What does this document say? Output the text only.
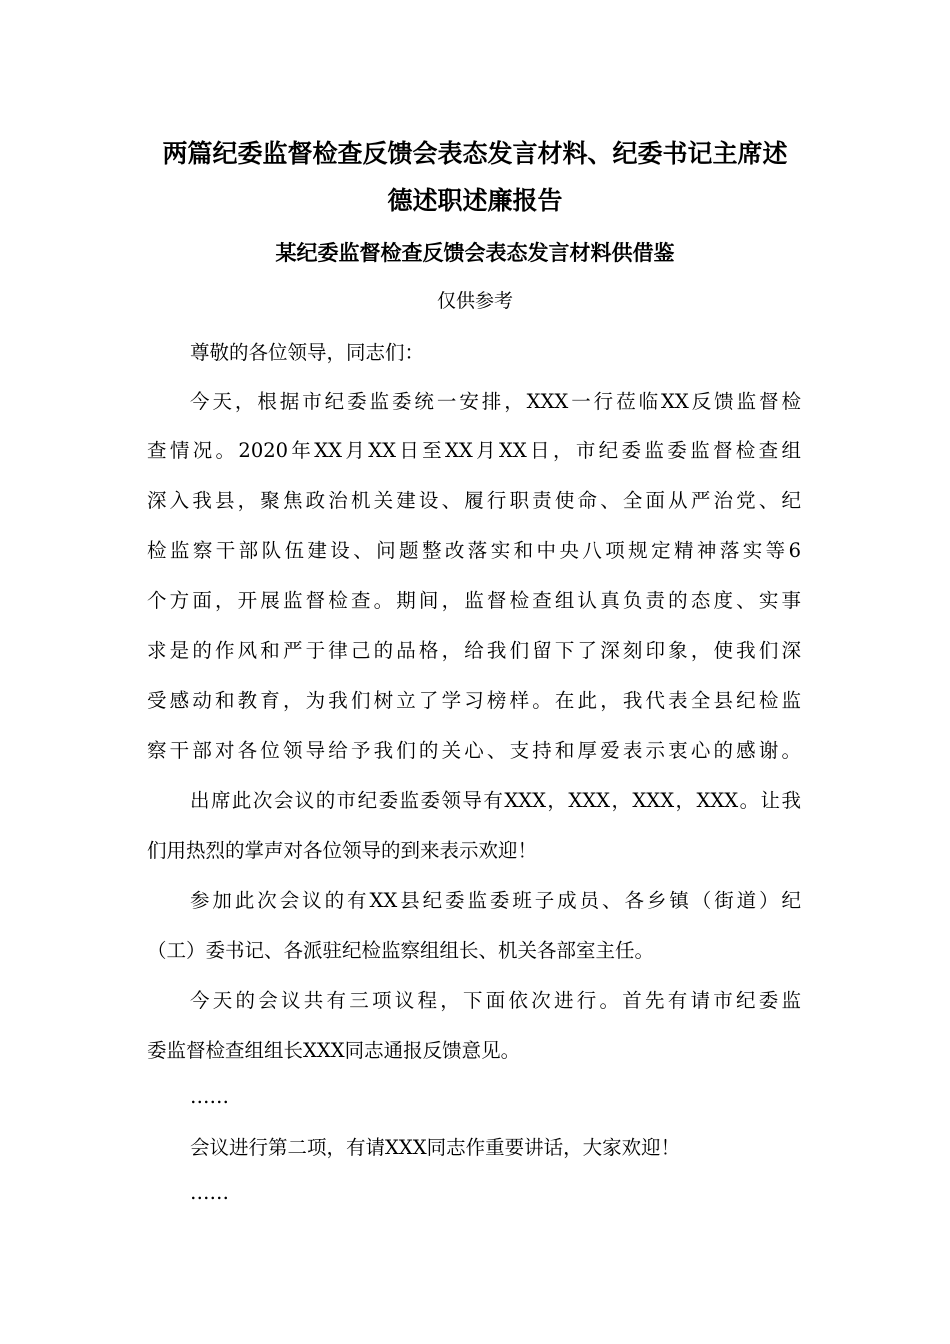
两篇纪委监督检查反馈会表态发言材料、纪委书记主席述
德述职述廉报告
某纪委监督检查反馈会表态发言材料供借鉴
仅供参考
尊敬的各位领导，同志们：
今天，根据市纪委监委统一安排，XXX一行莅临XX反馈监督检
查情况。2020年XX月XX日至XX月XX日，市纪委监委监督检查组
深入我县，聚焦政治机关建设、履行职责使命、全面从严治党、纪
检监察干部队伍建设、问题整改落实和中央八项规定精神落实等6
个方面，开展监督检查。期间，监督检查组认真负责的态度、实事
求是的作风和严于律己的品格，给我们留下了深刻印象，使我们深
受感动和教育，为我们树立了学习榜样。在此，我代表全县纪检监
察干部对各位领导给予我们的关心、支持和厚爱表示衷心的感谢。
出席此次会议的市纪委监委领导有XXX，XXX，XXX，XXX。让我
们用热烈的掌声对各位领导的到来表示欢迎！
参加此次会议的有XX县纪委监委班子成员、各乡镇（街道）纪
（工）委书记、各派驻纪检监察组组长、机关各部室主任。
今天的会议共有三项议程，下面依次进行。首先有请市纪委监
委监督检查组组长XXX同志通报反馈意见。
……
会议进行第二项，有请XXX同志作重要讲话，大家欢迎！
……
